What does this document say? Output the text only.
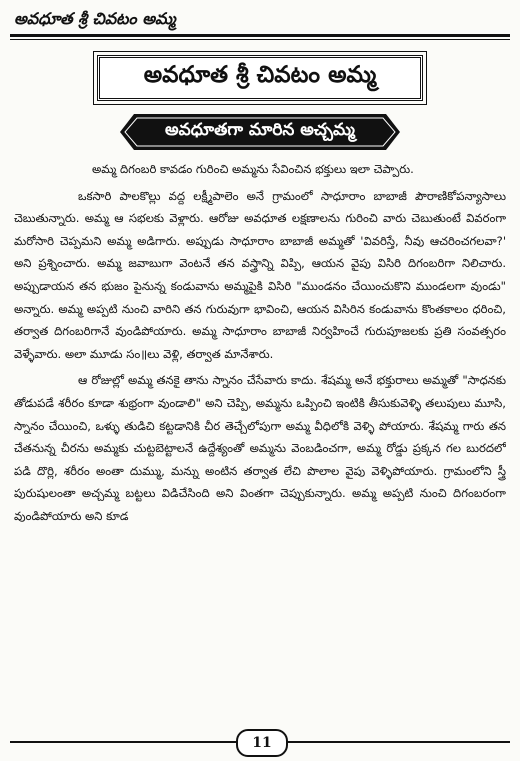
అవధూత శ్రీ చివటం అమ్మ
అవధూత శ్రీ చివటం అమ్మ
అవధూతగా మారిన అచ్చమ్మ

అమ్మ దిగంబరి కావడం గురించి అమ్మను సేవించిన భక్తులు ఇలా చెప్పారు.

ఒకసారి పాలకొల్లు వద్ద లక్ష్మీపాలెం అనే గ్రామంలో సాధూరాం బాబాజీ పౌరాణికోపన్యాసాలు చెబుతున్నారు. అమ్మ ఆ సభలకు వెళ్లారు. ఆరోజు అవధూత లక్షణాలను గురించి వారు చెబుతుంటే వివరంగా మరోసారి చెప్పమని అమ్మ అడిగారు. అప్పుడు సాధూరాం బాబాజీ అమ్మతో 'వివరిస్తే, నీవు ఆచరించగలవా?' అని ప్రశ్నించారు. అమ్మ జవాబుగా వెంటనే తన వస్త్రాన్ని విప్పి, ఆయన వైపు విసిరి దిగంబరిగా నిలిచారు. అప్పుడాయన తన భుజం పైనున్న కండువాను అమ్మపైకి విసిరి "ముండనం చేయించుకొని ముండలగా వుండు" అన్నారు. అమ్మ అప్పటి నుంచి వారిని తన గురువుగా భావించి, ఆయన విసిరిన కండువాను కొంతకాలం ధరించి, తర్వాత దిగంబరిగానే వుండిపోయారు. అమ్మ సాధూరాం బాబాజీ నిర్వహించే గురుపూజలకు ప్రతి సంవత్సరం వెళ్ళేవారు. అలా మూడు సం॥లు వెళ్లి, తర్వాత మానేశారు.

ఆ రోజుల్లో అమ్మ తనకై తాను స్నానం చేసేవారు కాదు. శేషమ్మ అనే భక్తురాలు అమ్మతో "సాధనకు తోడుపడే శరీరం కూడా శుభ్రంగా వుండాలి" అని చెప్పి, అమ్మను ఒప్పించి ఇంటికి తీసుకువెళ్ళి తలుపులు మూసి, స్నానం చేయించి, ఒళ్ళు తుడిచి కట్టడానికి చీర తెచ్చేలోపుగా అమ్మ వీధిలోకి వెళ్ళి పోయారు. శేషమ్మ గారు తన చేతనున్న చీరను అమ్మకు చుట్టబెట్టాలనే ఉద్దేశ్యంతో అమ్మను వెంబడించగా, అమ్మ రోడ్డు ప్రక్కన గల బురదలో పడి దొర్లి, శరీరం అంతా దుమ్ము, మన్ను అంటిన తర్వాత లేచి పొలాల వైపు వెళ్ళిపోయారు. గ్రామంలోని స్త్రీ పురుషులంతా అచ్చమ్మ బట్టలు విడిచేసింది అని వింతగా చెప్పుకున్నారు. అమ్మ అప్పటి నుంచి దిగంబరంగా వుండిపోయారు అని కూడ

11
